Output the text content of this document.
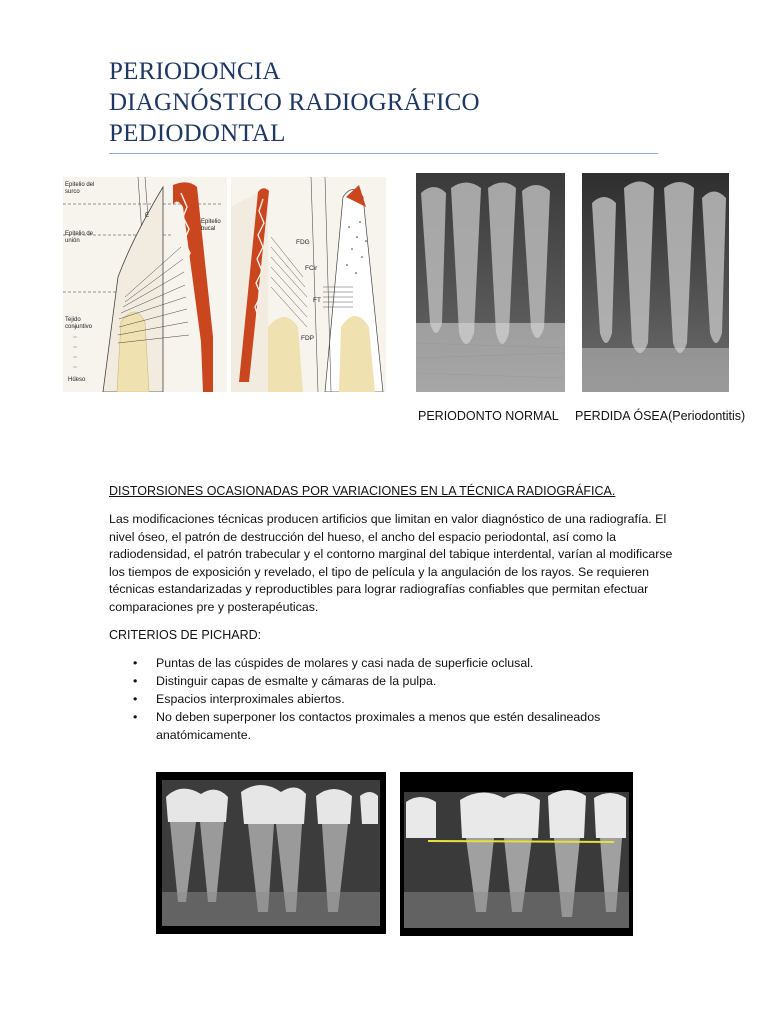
PERIODONCIA
DIAGNÓSTICO RADIOGRÁFICO
PEDIODONTAL
Epitelio del surco
Epitelio de unión
E
Epitelio bucal
Tejido conjuntivo
Hueso
FDG
FCir
FT
FDP
PERIODONTO NORMAL PERDIDA ÓSEA(Periodontitis)
DISTORSIONES OCASIONADAS POR VARIACIONES EN LA TÉCNICA RADIOGRÁFICA.

Las modificaciones técnicas producen artificios que limitan en valor diagnóstico de una radiografía. El nivel óseo, el patrón de destrucción del hueso, el ancho del espacio periodontal, así como la radiodensidad, el patrón trabecular y el contorno marginal del tabique interdental, varían al modificarse los tiempos de exposición y revelado, el tipo de película y la angulación de los rayos. Se requieren técnicas estandarizadas y reproductibles para lograr radiografías confiables que permitan efectuar comparaciones pre y posterapéuticas.

CRITERIOS DE PICHARD:
• Puntas de las cúspides de molares y casi nada de superficie oclusal.
• Distinguir capas de esmalte y cámaras de la pulpa.
• Espacios interproximales abiertos.
• No deben superponer los contactos proximales a menos que estén desalineados anatómicamente.
